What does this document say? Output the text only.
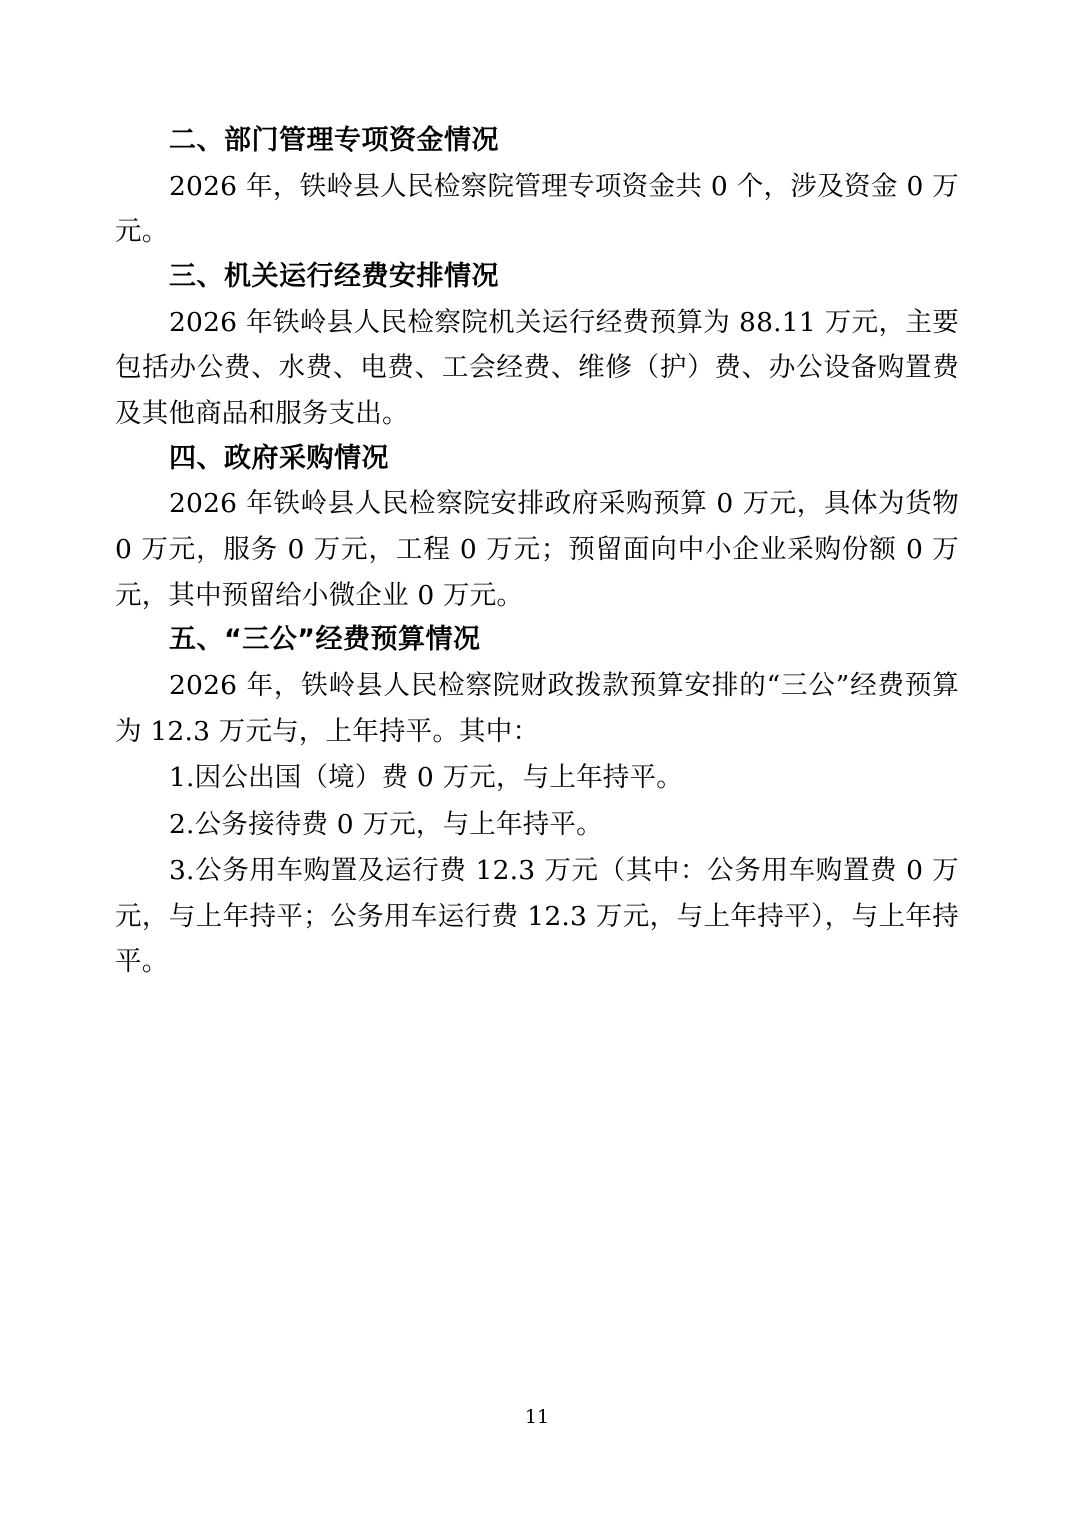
二、部门管理专项资金情况

2026 年，铁岭县人民检察院管理专项资金共 0 个，涉及资金 0 万元。

三、机关运行经费安排情况

2026 年铁岭县人民检察院机关运行经费预算为 88.11 万元，主要包括办公费、水费、电费、工会经费、维修（护）费、办公设备购置费及其他商品和服务支出。

四、政府采购情况

2026 年铁岭县人民检察院安排政府采购预算 0 万元，具体为货物 0 万元，服务 0 万元，工程 0 万元；预留面向中小企业采购份额 0 万元，其中预留给小微企业 0 万元。

五、“三公”经费预算情况

2026 年，铁岭县人民检察院财政拨款预算安排的“三公”经费预算为 12.3 万元与，上年持平。其中：

1.因公出国（境）费 0 万元，与上年持平。

2.公务接待费 0 万元，与上年持平。

3.公务用车购置及运行费 12.3 万元（其中：公务用车购置费 0 万元，与上年持平；公务用车运行费 12.3 万元，与上年持平），与上年持平。

11
